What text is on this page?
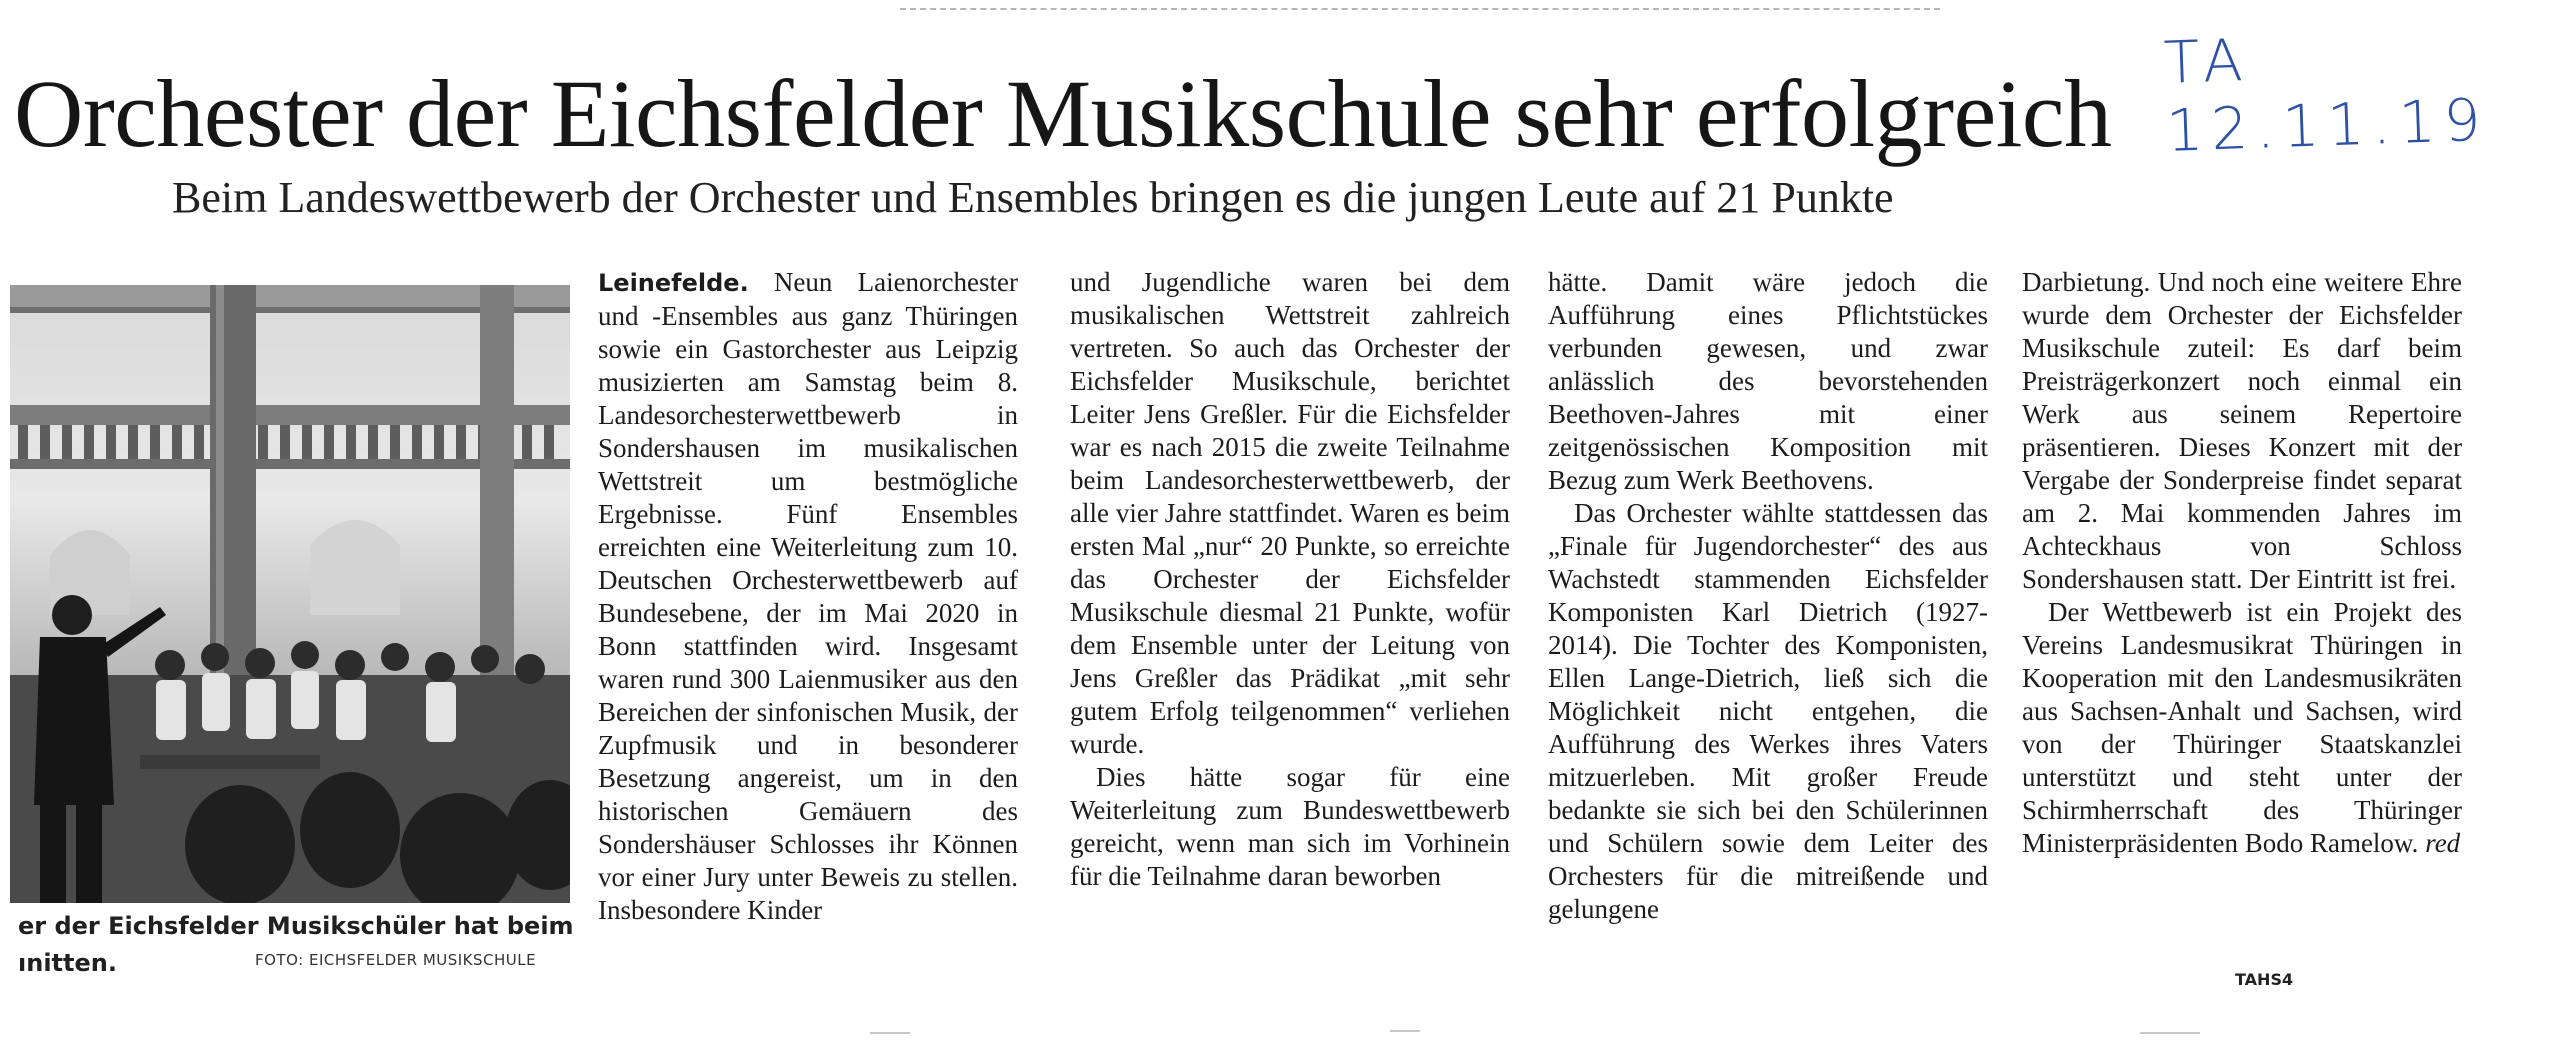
TA 12.11.19
Orchester der Eichsfelder Musikschule sehr erfolgreich
Beim Landeswettbewerb der Orchester und Ensembles bringen es die jungen Leute auf 21 Punkte
er der Eichsfelder Musikschüler hat beim
ınitten.	FOTO: EICHSFELDER MUSIKSCHULE

Leinefelde. Neun Laienorchester und -Ensembles aus ganz Thüringen sowie ein Gastorchester aus Leipzig musizierten am Samstag beim 8. Landesorchesterwettbewerb in Sondershausen im musikalischen Wettstreit um bestmögliche Ergebnisse. Fünf Ensembles erreichten eine Weiterleitung zum 10. Deutschen Orchesterwettbewerb auf Bundesebene, der im Mai 2020 in Bonn stattfinden wird. Insgesamt waren rund 300 Laienmusiker aus den Bereichen der sinfonischen Musik, der Zupfmusik und in besonderer Besetzung angereist, um in den historischen Gemäuern des Sondershäuser Schlosses ihr Können vor einer Jury unter Beweis zu stellen. Insbesondere Kinder

und Jugendliche waren bei dem musikalischen Wettstreit zahlreich vertreten. So auch das Orchester der Eichsfelder Musikschule, berichtet Leiter Jens Greßler. Für die Eichsfelder war es nach 2015 die zweite Teilnahme beim Landesorchesterwettbewerb, der alle vier Jahre stattfindet. Waren es beim ersten Mal „nur“ 20 Punkte, so erreichte das Orchester der Eichsfelder Musikschule diesmal 21 Punkte, wofür dem Ensemble unter der Leitung von Jens Greßler das Prädikat „mit sehr gutem Erfolg teilgenommen“ verliehen wurde.

Dies hätte sogar für eine Weiterleitung zum Bundeswettbewerb gereicht, wenn man sich im Vorhinein für die Teilnahme daran beworben

hätte. Damit wäre jedoch die Aufführung eines Pflichtstückes verbunden gewesen, und zwar anlässlich des bevorstehenden Beethoven-Jahres mit einer zeitgenössischen Komposition mit Bezug zum Werk Beethovens.

Das Orchester wählte stattdessen das „Finale für Jugendorchester“ des aus Wachstedt stammenden Eichsfelder Komponisten Karl Dietrich (1927-2014). Die Tochter des Komponisten, Ellen Lange-Dietrich, ließ sich die Möglichkeit nicht entgehen, die Aufführung des Werkes ihres Vaters mitzuerleben. Mit großer Freude bedankte sie sich bei den Schülerinnen und Schülern sowie dem Leiter des Orchesters für die mitreißende und gelungene

Darbietung. Und noch eine weitere Ehre wurde dem Orchester der Eichsfelder Musikschule zuteil: Es darf beim Preisträgerkonzert noch einmal ein Werk aus seinem Repertoire präsentieren. Dieses Konzert mit der Vergabe der Sonderpreise findet separat am 2. Mai kommenden Jahres im Achteckhaus von Schloss Sondershausen statt. Der Eintritt ist frei.

Der Wettbewerb ist ein Projekt des Vereins Landesmusikrat Thüringen in Kooperation mit den Landesmusikräten aus Sachsen-Anhalt und Sachsen, wird von der Thüringer Staatskanzlei unterstützt und steht unter der Schirmherrschaft des Thüringer Ministerpräsidenten Bodo Ramelow. red

TAHS4
